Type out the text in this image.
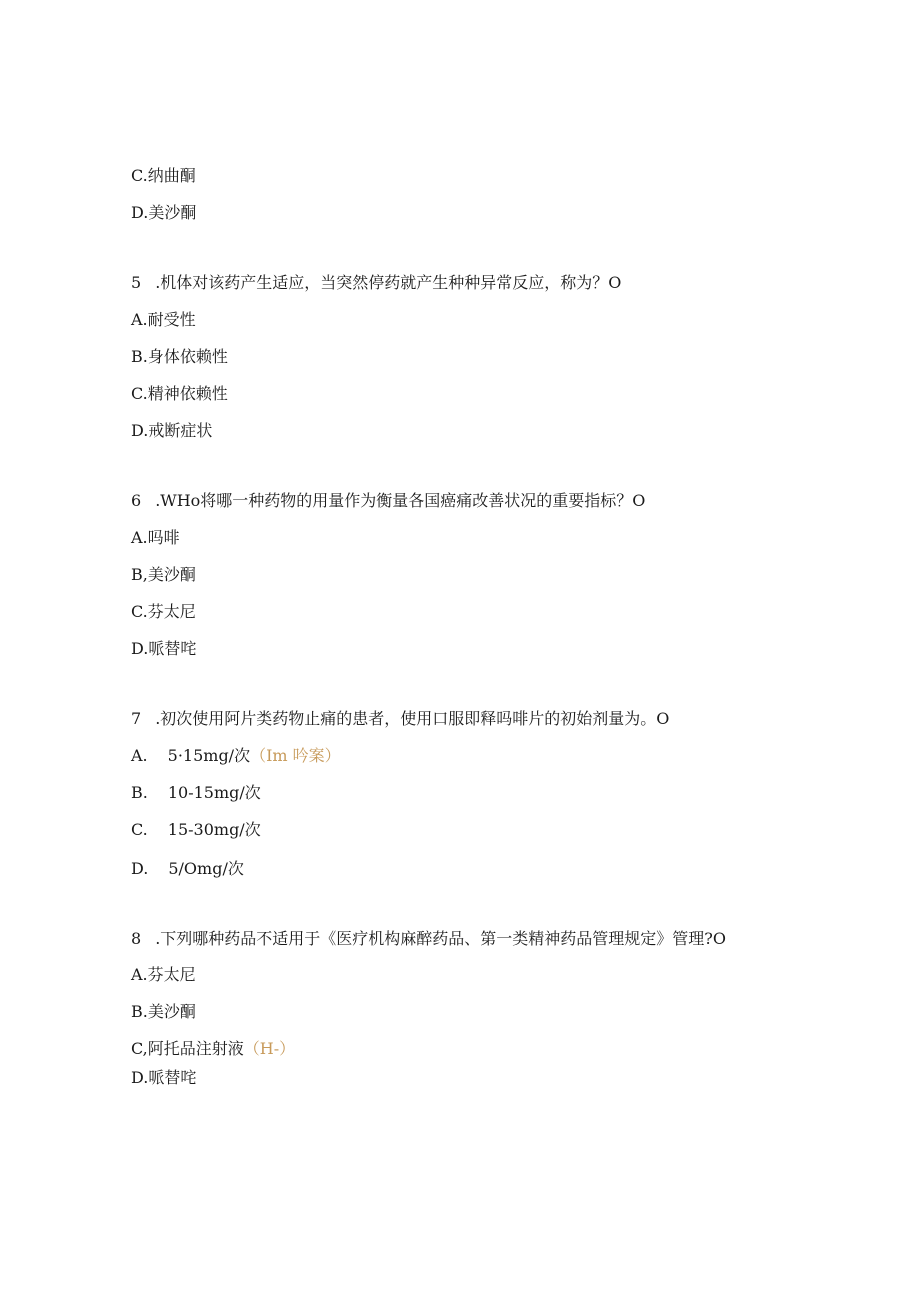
C.纳曲酮
D.美沙酮
5 .机体对该药产生适应，当突然停药就产生种种异常反应，称为？O
A.耐受性
B.身体依赖性
C.精神依赖性
D.戒断症状
6 .WHo将哪一种药物的用量作为衡量各国癌痛改善状况的重要指标？O
A.吗啡
B,美沙酮
C.芬太尼
D.哌替咤
7 .初次使用阿片类药物止痛的患者，使用口服即释吗啡片的初始剂量为。O
A. 5·15mg/次（Im 吟案）
B. 10-15mg/次
C. 15-30mg/次
D. 5/Omg/次
8 .下列哪种药品不适用于《医疗机构麻醉药品、第一类精神药品管理规定》管理?O
A.芬太尼
B.美沙酮
C,阿托品注射液（H-）
D.哌替咤
